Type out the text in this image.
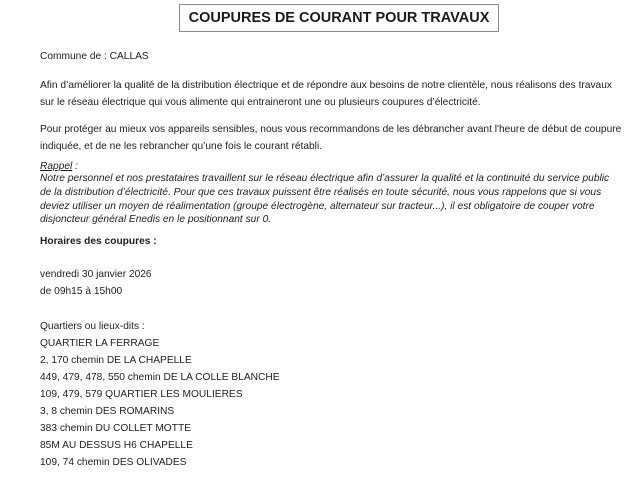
COUPURES DE COURANT POUR TRAVAUX
Commune de : CALLAS
Afin d’améliorer la qualité de la distribution électrique et de répondre aux besoins de notre clientèle, nous réalisons des travaux
sur le réseau électrique qui vous alimente qui entraineront une ou plusieurs coupures d’électricité.
Pour protéger au mieux vos appareils sensibles, nous vous recommandons de les débrancher avant l'heure de début de coupure
indiquée, et de ne les rebrancher qu’une fois le courant rétabli.
Rappel :
Notre personnel et nos prestataires travaillent sur le réseau électrique afin d’assurer la qualité et la continuité du service public
de la distribution d’électricité. Pour que ces travaux puissent être réalisés en toute sécurité, nous vous rappelons que si vous
deviez utiliser un moyen de réalimentation (groupe électrogène, alternateur sur tracteur...), il est obligatoire de couper votre
disjoncteur général Enedis en le positionnant sur 0.
Horaires des coupures :
vendredi 30 janvier 2026
de 09h15 à 15h00
Quartiers ou lieux-dits :
QUARTIER LA FERRAGE
2, 170 chemin DE LA CHAPELLE
449, 479, 478, 550 chemin DE LA COLLE BLANCHE
109, 479, 579 QUARTIER LES MOULIERES
3, 8 chemin DES ROMARINS
383 chemin DU COLLET MOTTE
85M AU DESSUS H6 CHAPELLE
109, 74 chemin DES OLIVADES
